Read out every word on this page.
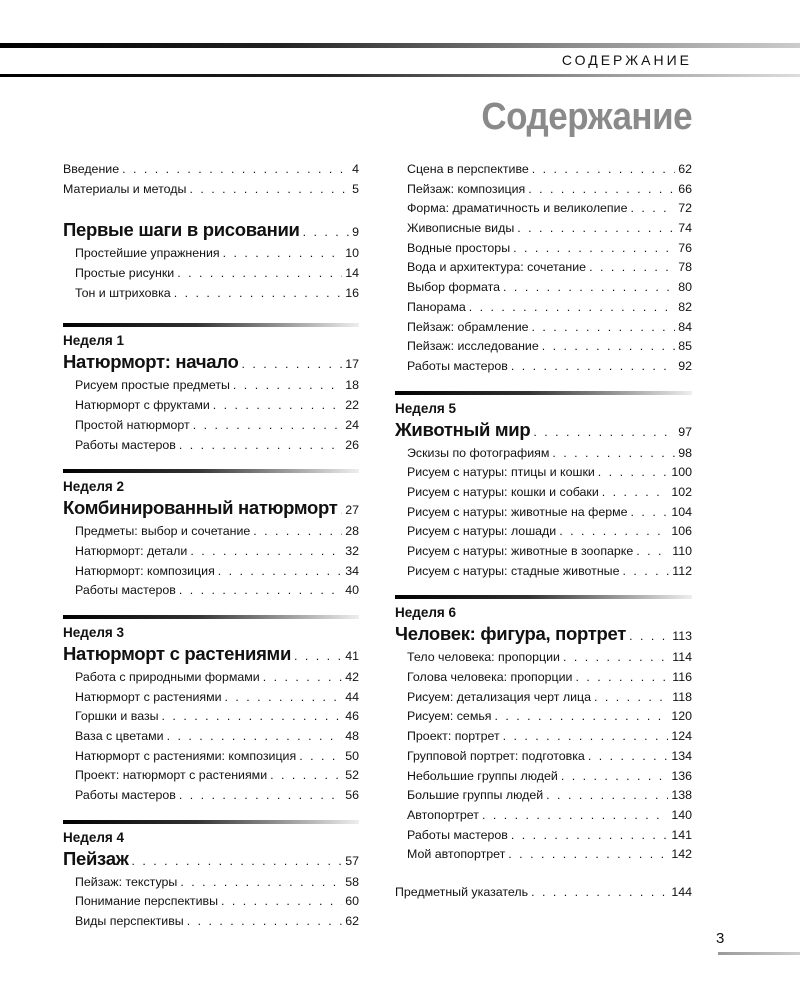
СОДЕРЖАНИЕ
Содержание
Введение . . .	4
Материалы и методы . . .	5
Первые шаги в рисовании . . .	9
Простейшие упражнения . . .	10
Простые рисунки . . .	14
Тон и штриховка . . .	16
Неделя 1
Натюрморт: начало . . .	17
Рисуем простые предметы . . .	18
Натюрморт с фруктами . . .	22
Простой натюрморт . . .	24
Работы мастеров . . .	26
Неделя 2
Комбинированный натюрморт . . . 27
Предметы: выбор и сочетание . . .	28
Натюрморт: детали . . .	32
Натюрморт: композиция . . .	34
Работы мастеров . . .	40
Неделя 3
Натюрморт с растениями . . .	41
Работа с природными формами . . .	42
Натюрморт с растениями . . .	44
Горшки и вазы . . .	46
Ваза с цветами . . .	48
Натюрморт с растениями: композиция . . .	50
Проект: натюрморт с растениями . . .	52
Работы мастеров . . .	56
Неделя 4
Пейзаж . . .	57
Пейзаж: текстуры . . .	58
Понимание перспективы . . .	60
Виды перспективы . . .	62
Сцена в перспективе . . .	62
Пейзаж: композиция . . .	66
Форма: драматичность и великолепие . . .	72
Живописные виды . . .	74
Водные просторы . . .	76
Вода и архитектура: сочетание . . .	78
Выбор формата . . .	80
Панорама . . .	82
Пейзаж: обрамление . . .	84
Пейзаж: исследование . . .	85
Работы мастеров . . .	92
Неделя 5
Животный мир . . .	97
Эскизы по фотографиям . . .	98
Рисуем с натуры: птицы и кошки . . .	100
Рисуем с натуры: кошки и собаки . . .	102
Рисуем с натуры: животные на ферме . . .	104
Рисуем с натуры: лошади . . .	106
Рисуем с натуры: животные в зоопарке . . .	110
Рисуем с натуры: стадные животные . . .	112
Неделя 6
Человек: фигура, портрет . . .	113
Тело человека: пропорции . . .	114
Голова человека: пропорции . . .	116
Рисуем: детализация черт лица . . .	118
Рисуем: семья . . .	120
Проект: портрет . . .	124
Групповой портрет: подготовка . . .	134
Небольшие группы людей . . .	136
Большие группы людей . . .	138
Автопортрет . . .	140
Работы мастеров . . .	141
Мой автопортрет . . .	142
Предметный указатель . . .	144
3
